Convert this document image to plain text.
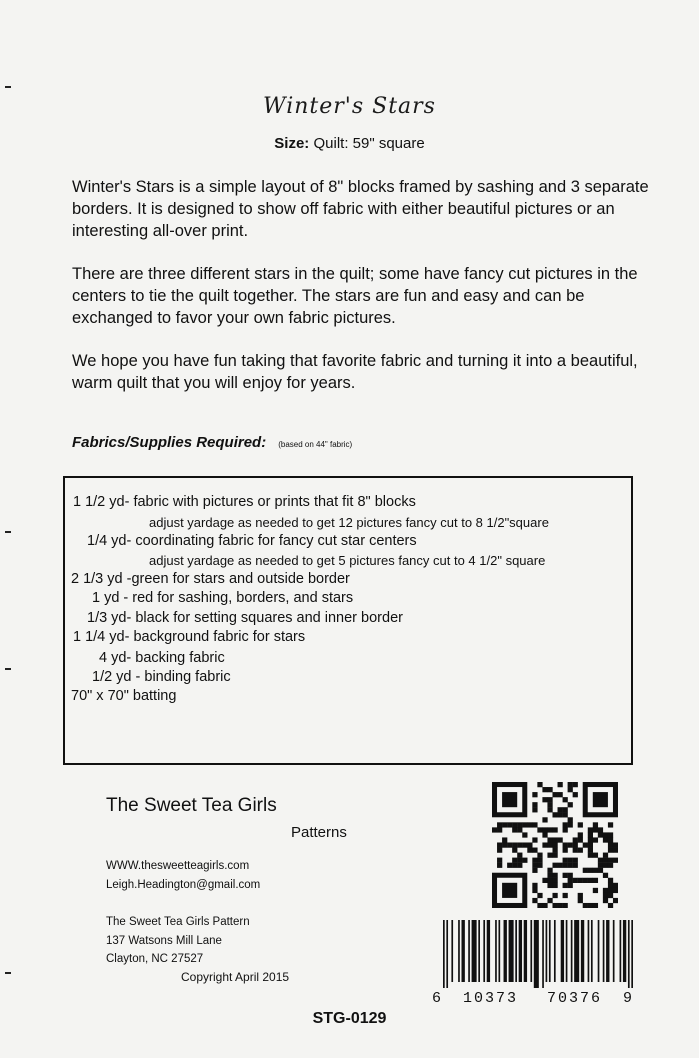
Winter's Stars
Size: Quilt: 59" square

Winter's Stars is a simple layout of 8" blocks framed by sashing and 3 separate borders. It is designed to show off fabric with either beautiful pictures or an interesting all-over print.

There are three different stars in the quilt; some have fancy cut pictures in the centers to tie the quilt together. The stars are fun and easy and can be exchanged to favor your own fabric pictures.

We hope you have fun taking that favorite fabric and turning it into a beautiful, warm quilt that you will enjoy for years.

Fabrics/Supplies Required: (based on 44" fabric)
1 1/2 yd- fabric with pictures or prints that fit 8" blocks
adjust yardage as needed to get 12 pictures fancy cut to 8 1/2"square
1/4 yd- coordinating fabric for fancy cut star centers
adjust yardage as needed to get 5 pictures fancy cut to 4 1/2" square
2 1/3 yd -green for stars and outside border
1 yd - red for sashing, borders, and stars
1/3 yd- black for setting squares and inner border
1 1/4 yd- background fabric for stars
4 yd- backing fabric
1/2 yd - binding fabric
70" x 70" batting
The Sweet Tea Girls
Patterns
WWW.thesweetteagirls.com
Leigh.Headington@gmail.com
The Sweet Tea Girls Pattern
137 Watsons Mill Lane
Clayton, NC 27527
Copyright April 2015
6 10373 70376 9
STG-0129
